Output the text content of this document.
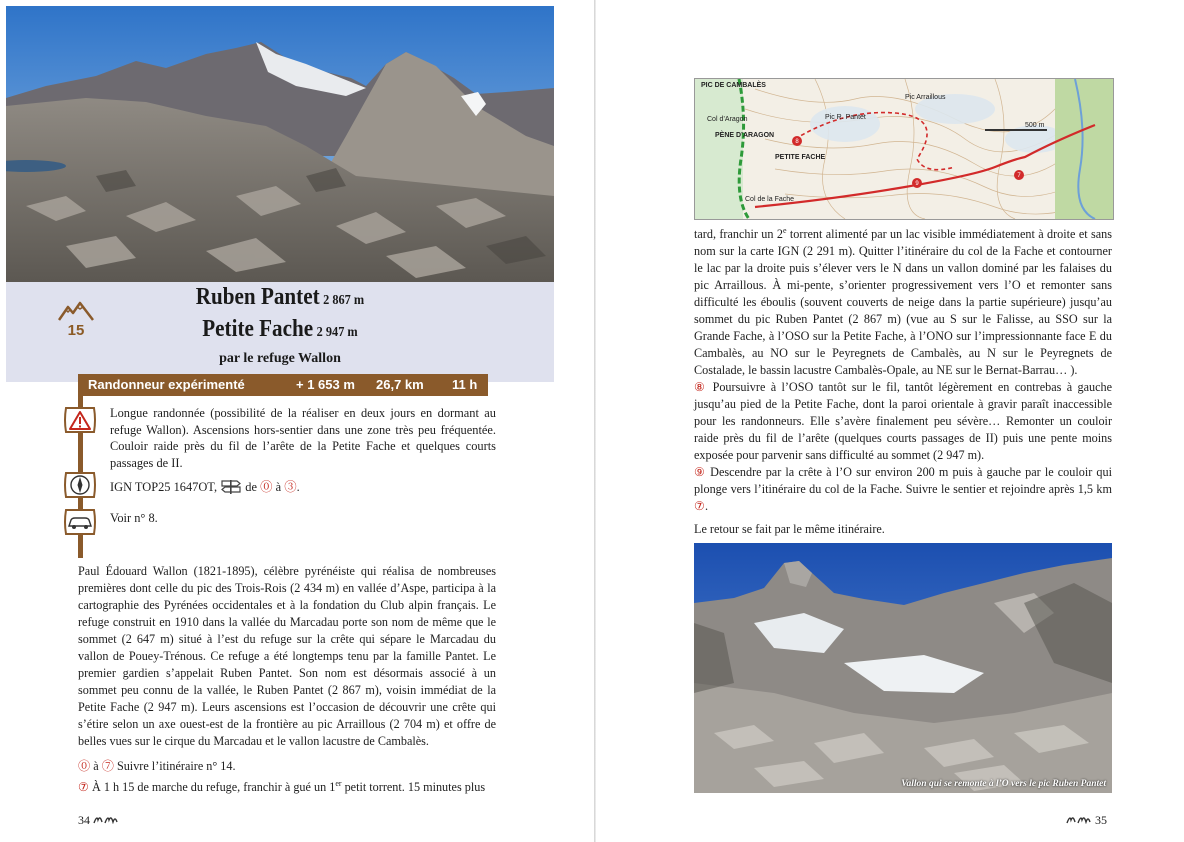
Ruben Pantet 2 867 m
Petite Fache 2 947 m
par le refuge Wallon
15
Randonneur expérimenté	+ 1 653 m 26,7 km 11 h
Longue randonnée (possibilité de la réaliser en deux jours en dormant au refuge Wallon). Ascensions hors-sentier dans une zone très peu fréquentée. Couloir raide près du fil de l’arête de la Petite Fache et quelques courts passages de II.
IGN TOP25 1647OT, de ⓪ à ③.
Voir n° 8.
Paul Édouard Wallon (1821-1895), célèbre pyrénéiste qui réalisa de nombreuses premières dont celle du pic des Trois-Rois (2 434 m) en vallée d’Aspe, participa à la cartographie des Pyrénées occidentales et à la fondation du Club alpin français. Le refuge construit en 1910 dans la vallée du Marcadau porte son nom de même que le sommet (2 647 m) situé à l’est du refuge sur la crête qui sépare le Marcadau du vallon de Pouey-Trénous. Ce refuge a été longtemps tenu par la famille Pantet. Le premier gardien s’appelait Ruben Pantet. Son nom est désormais associé à un sommet peu connu de la vallée, le Ruben Pantet (2 867 m), voisin immédiat de la Petite Fache (2 947 m). Leurs ascensions est l’occasion de découvrir une crête qui s’étire selon un axe ouest-est de la frontière au pic Arraillous (2 704 m) et offre de belles vues sur le cirque du Marcadau et le vallon lacustre de Cambalès.
⓪ à ⑦ Suivre l’itinéraire n° 14.
⑦ À 1 h 15 de marche du refuge, franchir à gué un 1er petit torrent. 15 minutes plus
34
PIC DE CAMBALÈS
Col d’Aragon
PÈNE D’ARAGON
Pic R. Pantet
PETITE FACHE
Pic Arraillous
Col de la Fache
500 m
8
9
7

tard, franchir un 2e torrent alimenté par un lac visible immédiatement à droite et sans nom sur la carte IGN (2 291 m). Quitter l’itinéraire du col de la Fache et contourner le lac par la droite puis s’élever vers le N dans un vallon dominé par les falaises du pic Arraillous. À mi-pente, s’orienter progressivement vers l’O et remonter sans difficulté les éboulis (souvent couverts de neige dans la partie supérieure) jusqu’au sommet du pic Ruben Pantet (2 867 m) (vue au S sur le Falisse, au SSO sur la Grande Fache, à l’OSO sur la Petite Fache, à l’ONO sur l’impressionnante face E du Cambalès, au NO sur le Peyregnets de Cambalès, au N sur le Peyregnets de Costalade, le bassin lacustre Cambalès-Opale, au NE sur le Bernat-Barrau… ).

⑧ Poursuivre à l’OSO tantôt sur le fil, tantôt légèrement en contrebas à gauche jusqu’au pied de la Petite Fache, dont la paroi orientale à gravir paraît inaccessible pour les randonneurs. Elle s’avère finalement peu sévère… Remonter un couloir raide près du fil de l’arête (quelques courts passages de II) puis une pente moins exposée pour parvenir sans difficulté au sommet (2 947 m).

⑨ Descendre par la crête à l’O sur environ 200 m puis à gauche par le couloir qui plonge vers l’itinéraire du col de la Fache. Suivre le sentier et rejoindre après 1,5 km ⑦.

Le retour se fait par le même itinéraire.

Vallon qui se remonte à l’O vers le pic Ruben Pantet
35
